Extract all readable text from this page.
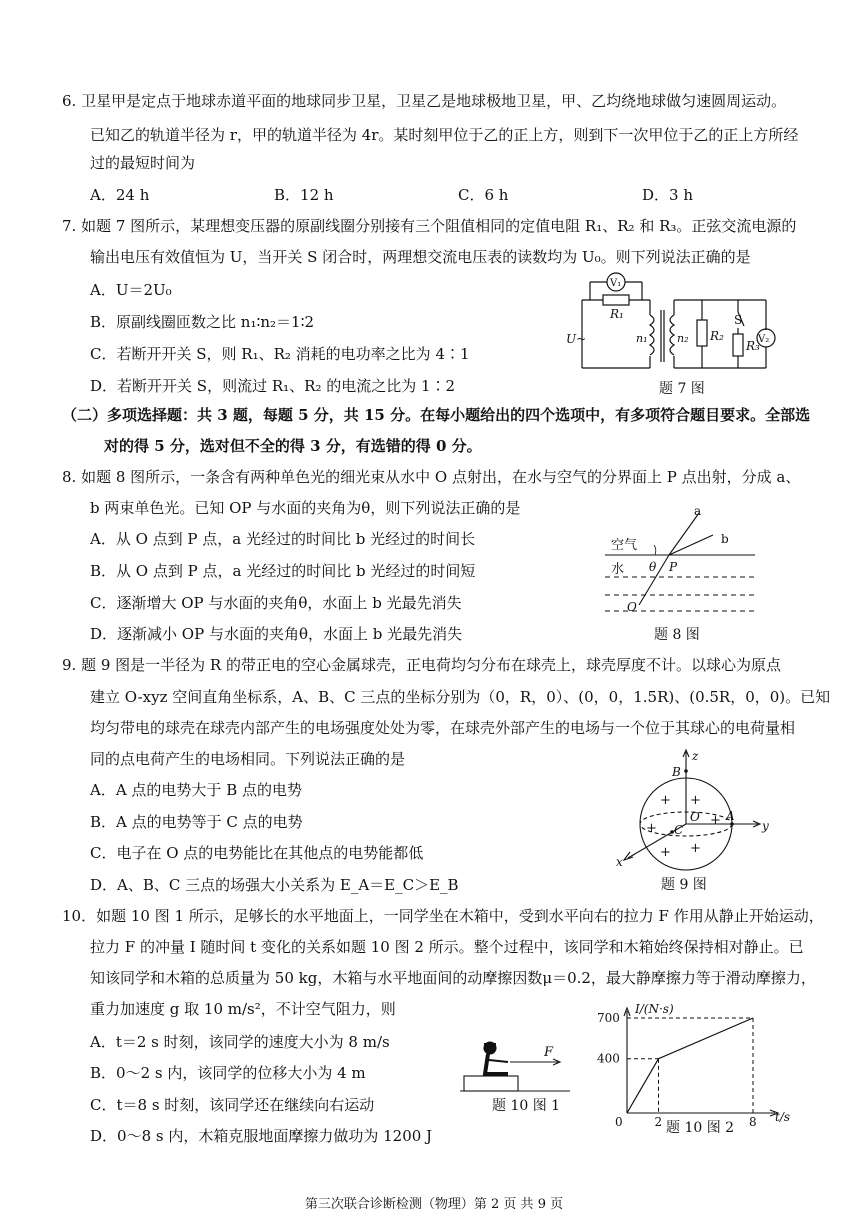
6. 卫星甲是定点于地球赤道平面的地球同步卫星，卫星乙是地球极地卫星，甲、乙均绕地球做匀速圆周运动。
已知乙的轨道半径为 r，甲的轨道半径为 4r。某时刻甲位于乙的正上方，则到下一次甲位于乙的正上方所经
过的最短时间为
A．24 h	B．12 h	C．6 h	D．3 h
7. 如题 7 图所示，某理想变压器的原副线圈分别接有三个阻值相同的定值电阻 R₁、R₂ 和 R₃。正弦交流电源的
输出电压有效值恒为 U，当开关 S 闭合时，两理想交流电压表的读数均为 U₀。则下列说法正确的是
A．U＝2U₀
B．原副线圈匝数之比 n₁∶n₂＝1∶2
C．若断开开关 S，则 R₁、R₂ 消耗的电功率之比为 4∶1
D．若断开开关 S，则流过 R₁、R₂ 的电流之比为 1∶2
V₁
R₁
U~	n₁	n₂ R₂
S
R₃
V₂
题 7 图
（二）多项选择题：共 3 题，每题 5 分，共 15 分。在每小题给出的四个选项中，有多项符合题目要求。全部选
对的得 5 分，选对但不全的得 3 分，有选错的得 0 分。
8. 如题 8 图所示，一条含有两种单色光的细光束从水中 O 点射出，在水与空气的分界面上 P 点出射，分成 a、
b 两束单色光。已知 OP 与水面的夹角为θ，则下列说法正确的是
A．从 O 点到 P 点，a 光经过的时间比 b 光经过的时间长
B．从 O 点到 P 点，a 光经过的时间比 b 光经过的时间短
C．逐渐增大 OP 与水面的夹角θ，水面上 b 光最先消失
D．逐渐减小 OP 与水面的夹角θ，水面上 b 光最先消失
空气
水 θ P
O
a
b
题 8 图
9. 题 9 图是一半径为 R 的带正电的空心金属球壳，正电荷均匀分布在球壳上，球壳厚度不计。以球心为原点
建立 O-xyz 空间直角坐标系，A、B、C 三点的坐标分别为（0，R，0）、(0，0，1.5R)、(0.5R，0，0)。已知
均匀带电的球壳在球壳内部产生的电场强度处处为零，在球壳外部产生的电场与一个位于其球心的电荷量相
同的点电荷产生的电场相同。下列说法正确的是
A．A 点的电势大于 B 点的电势
B．A 点的电势等于 C 点的电势
C．电子在 O 点的电势能比在其他点的电势能都低
D．A、B、C 三点的场强大小关系为 E_A＝E_C＞E_B
+ +
+
+
+ +
z
B
y
A
C
O
x
题 9 图
10．如题 10 图 1 所示，足够长的水平地面上，一同学坐在木箱中，受到水平向右的拉力 F 作用从静止开始运动，
拉力 F 的冲量 I 随时间 t 变化的关系如题 10 图 2 所示。整个过程中，该同学和木箱始终保持相对静止。已
知该同学和木箱的总质量为 50 kg，木箱与水平地面间的动摩擦因数μ＝0.2，最大静摩擦力等于滑动摩擦力，
重力加速度 g 取 10 m/s²，不计空气阻力，则
A．t＝2 s 时刻，该同学的速度大小为 8 m/s
B．0～2 s 内，该同学的位移大小为 4 m
C．t＝8 s 时刻，该同学还在继续向右运动
D．0～8 s 内，木箱克服地面摩擦力做功为 1200 J
F
题 10 图 1
I/(N·s)
t/s
0	2	8
700
400
题 10 图 2
第三次联合诊断检测（物理）第 2 页 共 9 页
